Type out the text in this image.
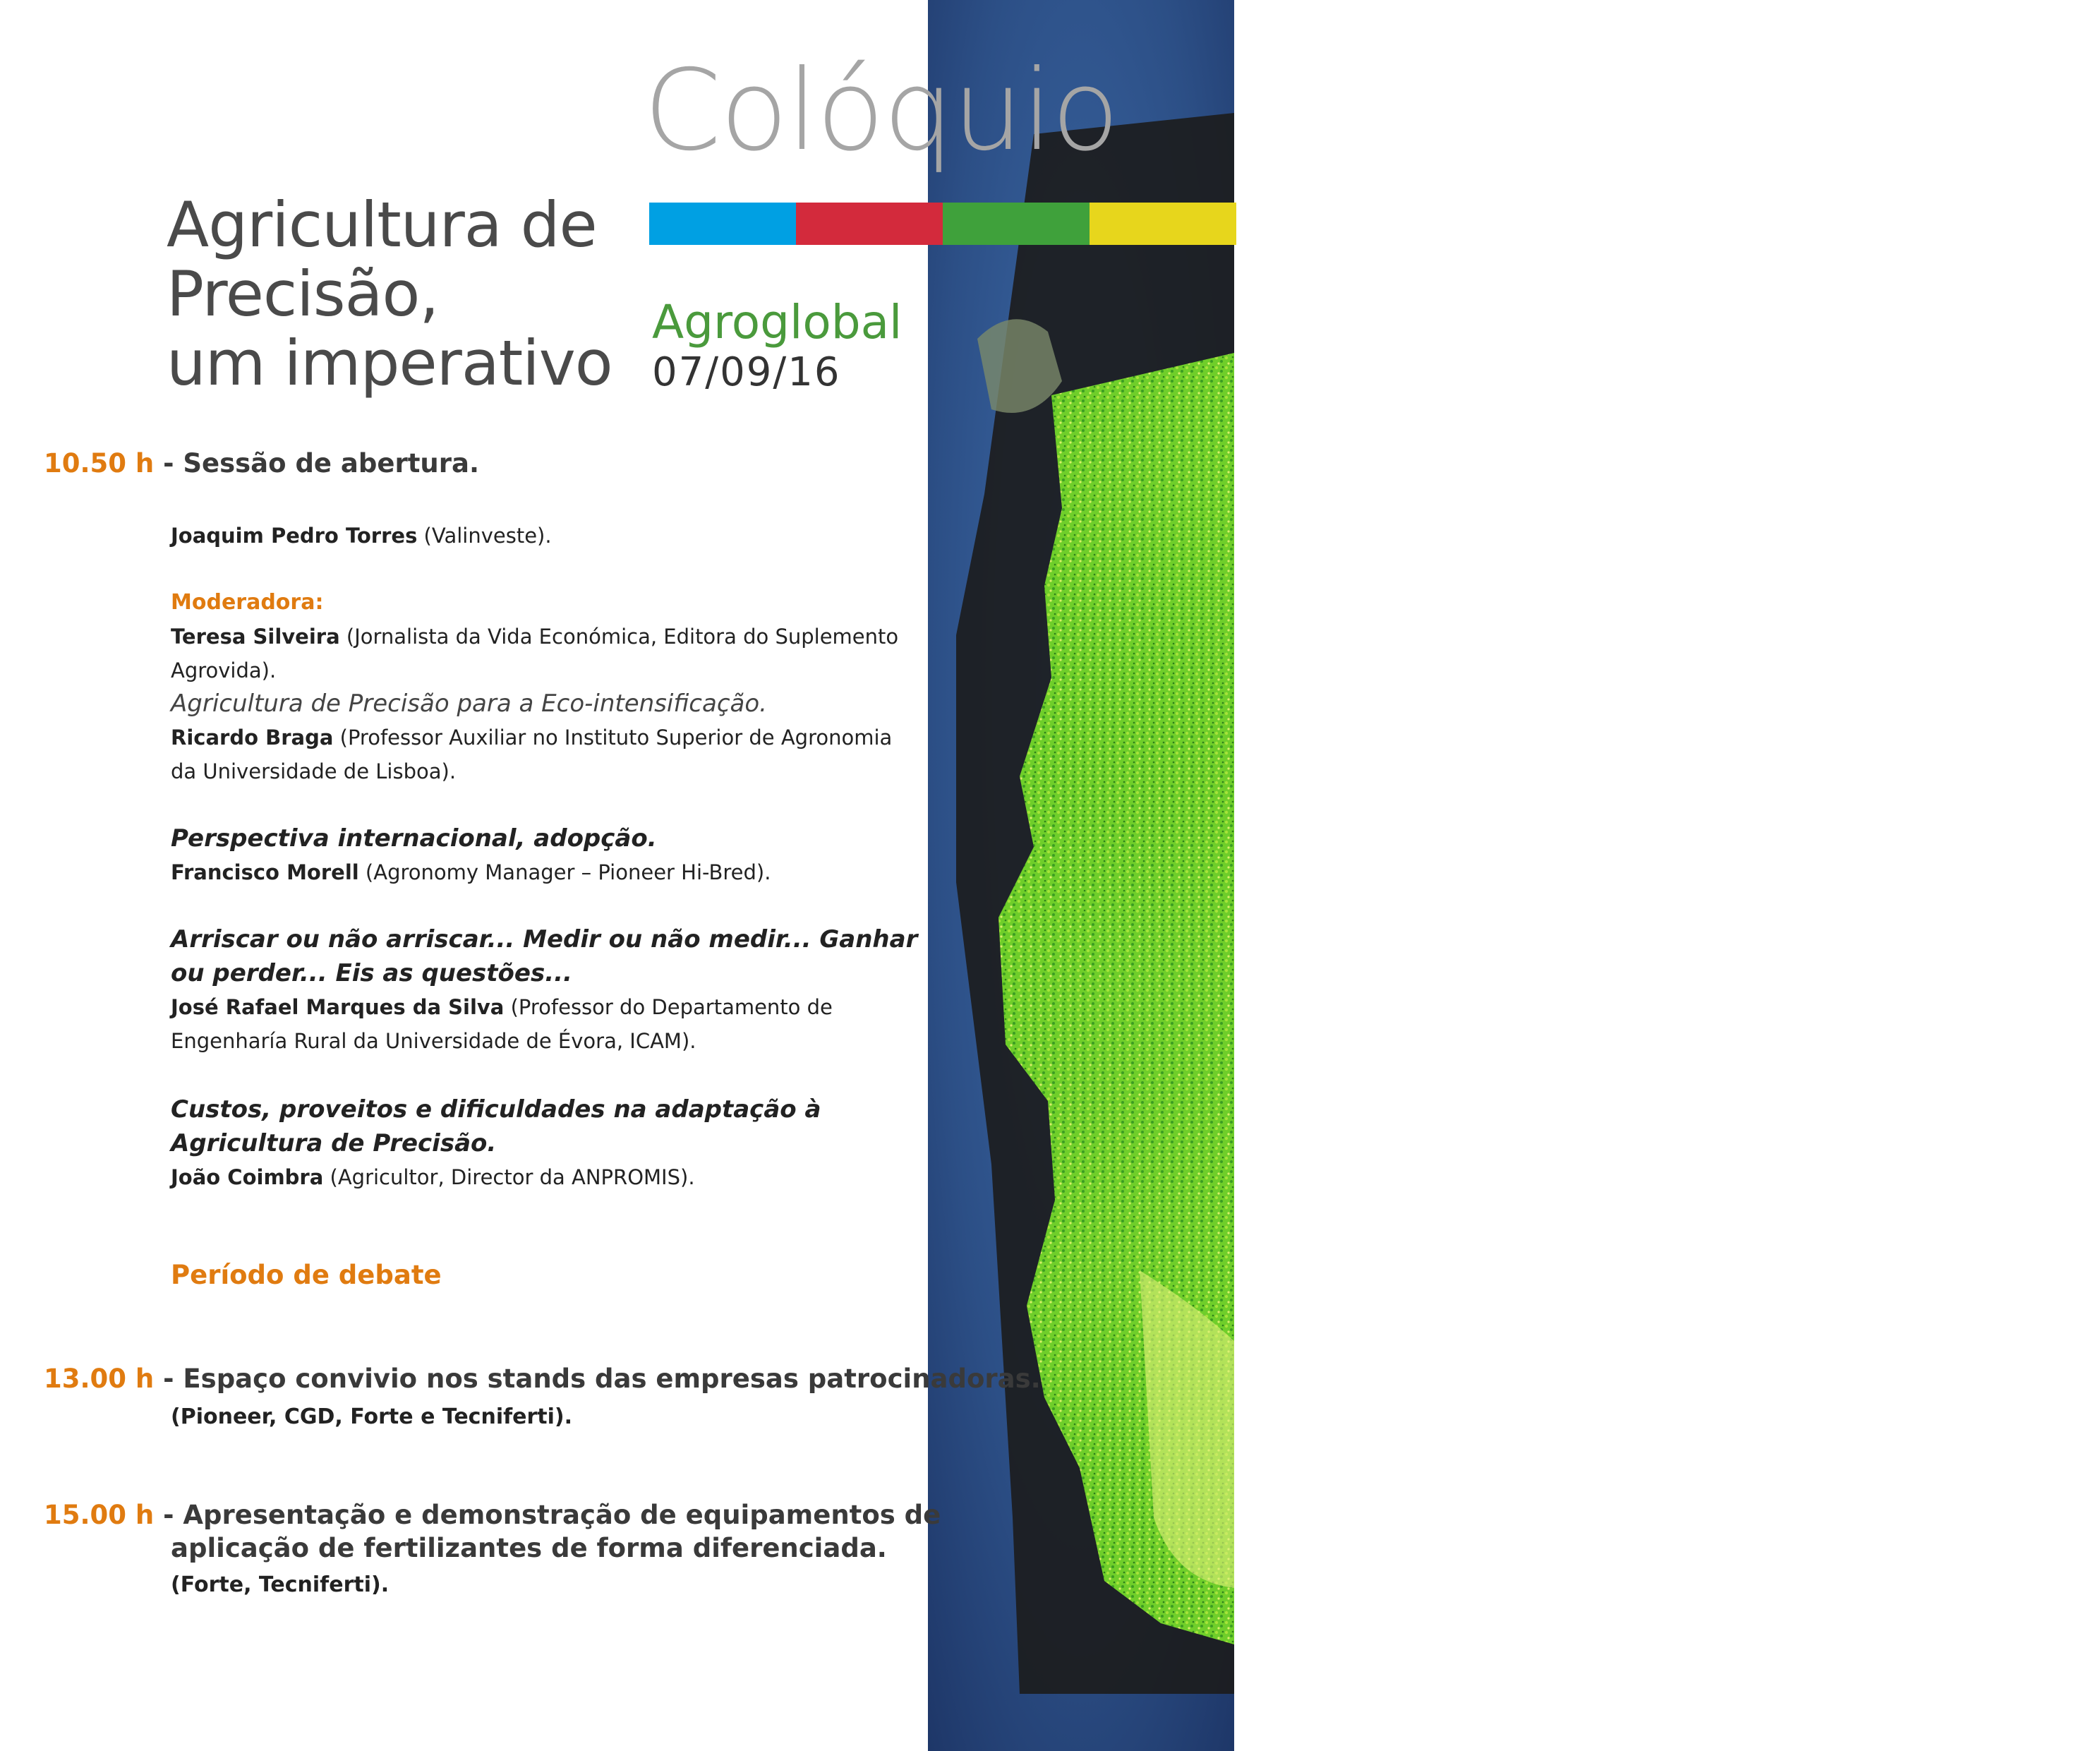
programa
Colóquio
Agricultura de
Precisão,
um imperativo
Agroglobal
07/09/16
10.50 h - Sessão de abertura.
Joaquim Pedro Torres (Valinveste).
Moderadora:
Teresa Silveira (Jornalista da Vida Económica, Editora do Suplemento Agrovida).
Agricultura de Precisão para a Eco-intensificação.
Ricardo Braga (Professor Auxiliar no Instituto Superior de Agronomia da Universidade de Lisboa).
Perspectiva internacional, adopção.
Francisco Morell (Agronomy Manager – Pioneer Hi-Bred).
Arriscar ou não arriscar... Medir ou não medir... Ganhar ou perder... Eis as questões...
José Rafael Marques da Silva (Professor do Departamento de Engenharía Rural da Universidade de Évora, ICAM).
Custos, proveitos e dificuldades na adaptação à Agricultura de Precisão.
João Coimbra (Agricultor, Director da ANPROMIS).
Período de debate
13.00 h - Espaço convivio nos stands das empresas patrocinadoras.
(Pioneer, CGD, Forte e Tecniferti).
15.00 h - Apresentação e demonstração de equipamentos de
aplicação de fertilizantes de forma diferenciada.
(Forte, Tecniferti).
